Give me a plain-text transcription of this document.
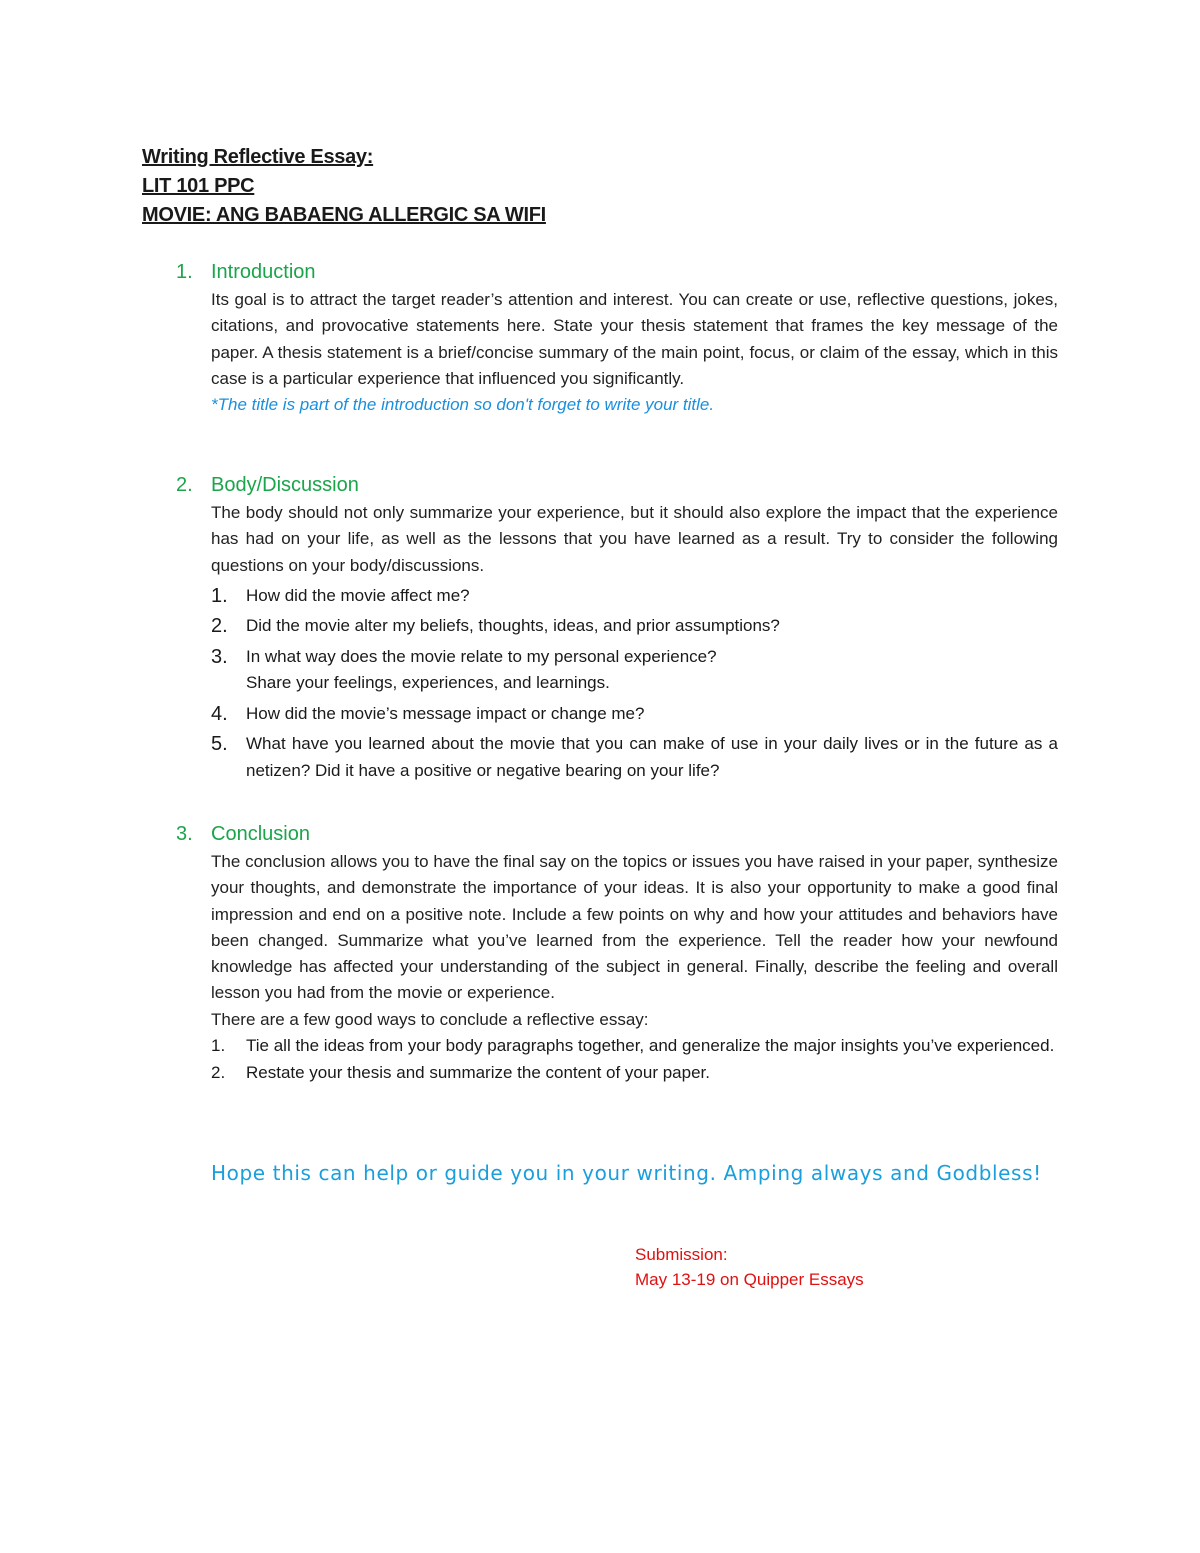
Writing Reflective Essay:
LIT 101 PPC
MOVIE: ANG BABAENG ALLERGIC SA WIFI
1. Introduction
Its goal is to attract the target reader’s attention and interest. You can create or use, reflective questions, jokes, citations, and provocative statements here. State your thesis statement that frames the key message of the paper. A thesis statement is a brief/concise summary of the main point, focus, or claim of the essay, which in this case is a particular experience that influenced you significantly.
*The title is part of the introduction so don't forget to write your title.
2. Body/Discussion
The body should not only summarize your experience, but it should also explore the impact that the experience has had on your life, as well as the lessons that you have learned as a result. Try to consider the following questions on your body/discussions.
1.	How did the movie affect me?
2.	Did the movie alter my beliefs, thoughts, ideas, and prior assumptions?
3.	In what way does the movie relate to my personal experience?
Share your feelings, experiences, and learnings.
4.	How did the movie’s message impact or change me?
5.	What have you learned about the movie that you can make of use in your daily lives or in the future as a netizen? Did it have a positive or negative bearing on your life?
3. Conclusion
The conclusion allows you to have the final say on the topics or issues you have raised in your paper, synthesize your thoughts, and demonstrate the importance of your ideas. It is also your opportunity to make a good final impression and end on a positive note. Include a few points on why and how your attitudes and behaviors have been changed. Summarize what you’ve learned from the experience. Tell the reader how your newfound knowledge has affected your understanding of the subject in general. Finally, describe the feeling and overall lesson you had from the movie or experience.
There are a few good ways to conclude a reflective essay:
1.	Tie all the ideas from your body paragraphs together, and generalize the major insights you’ve experienced.
2.	Restate your thesis and summarize the content of your paper.
Hope this can help or guide you in your writing. Amping always and Godbless!
Submission:
May 13-19 on Quipper Essays
